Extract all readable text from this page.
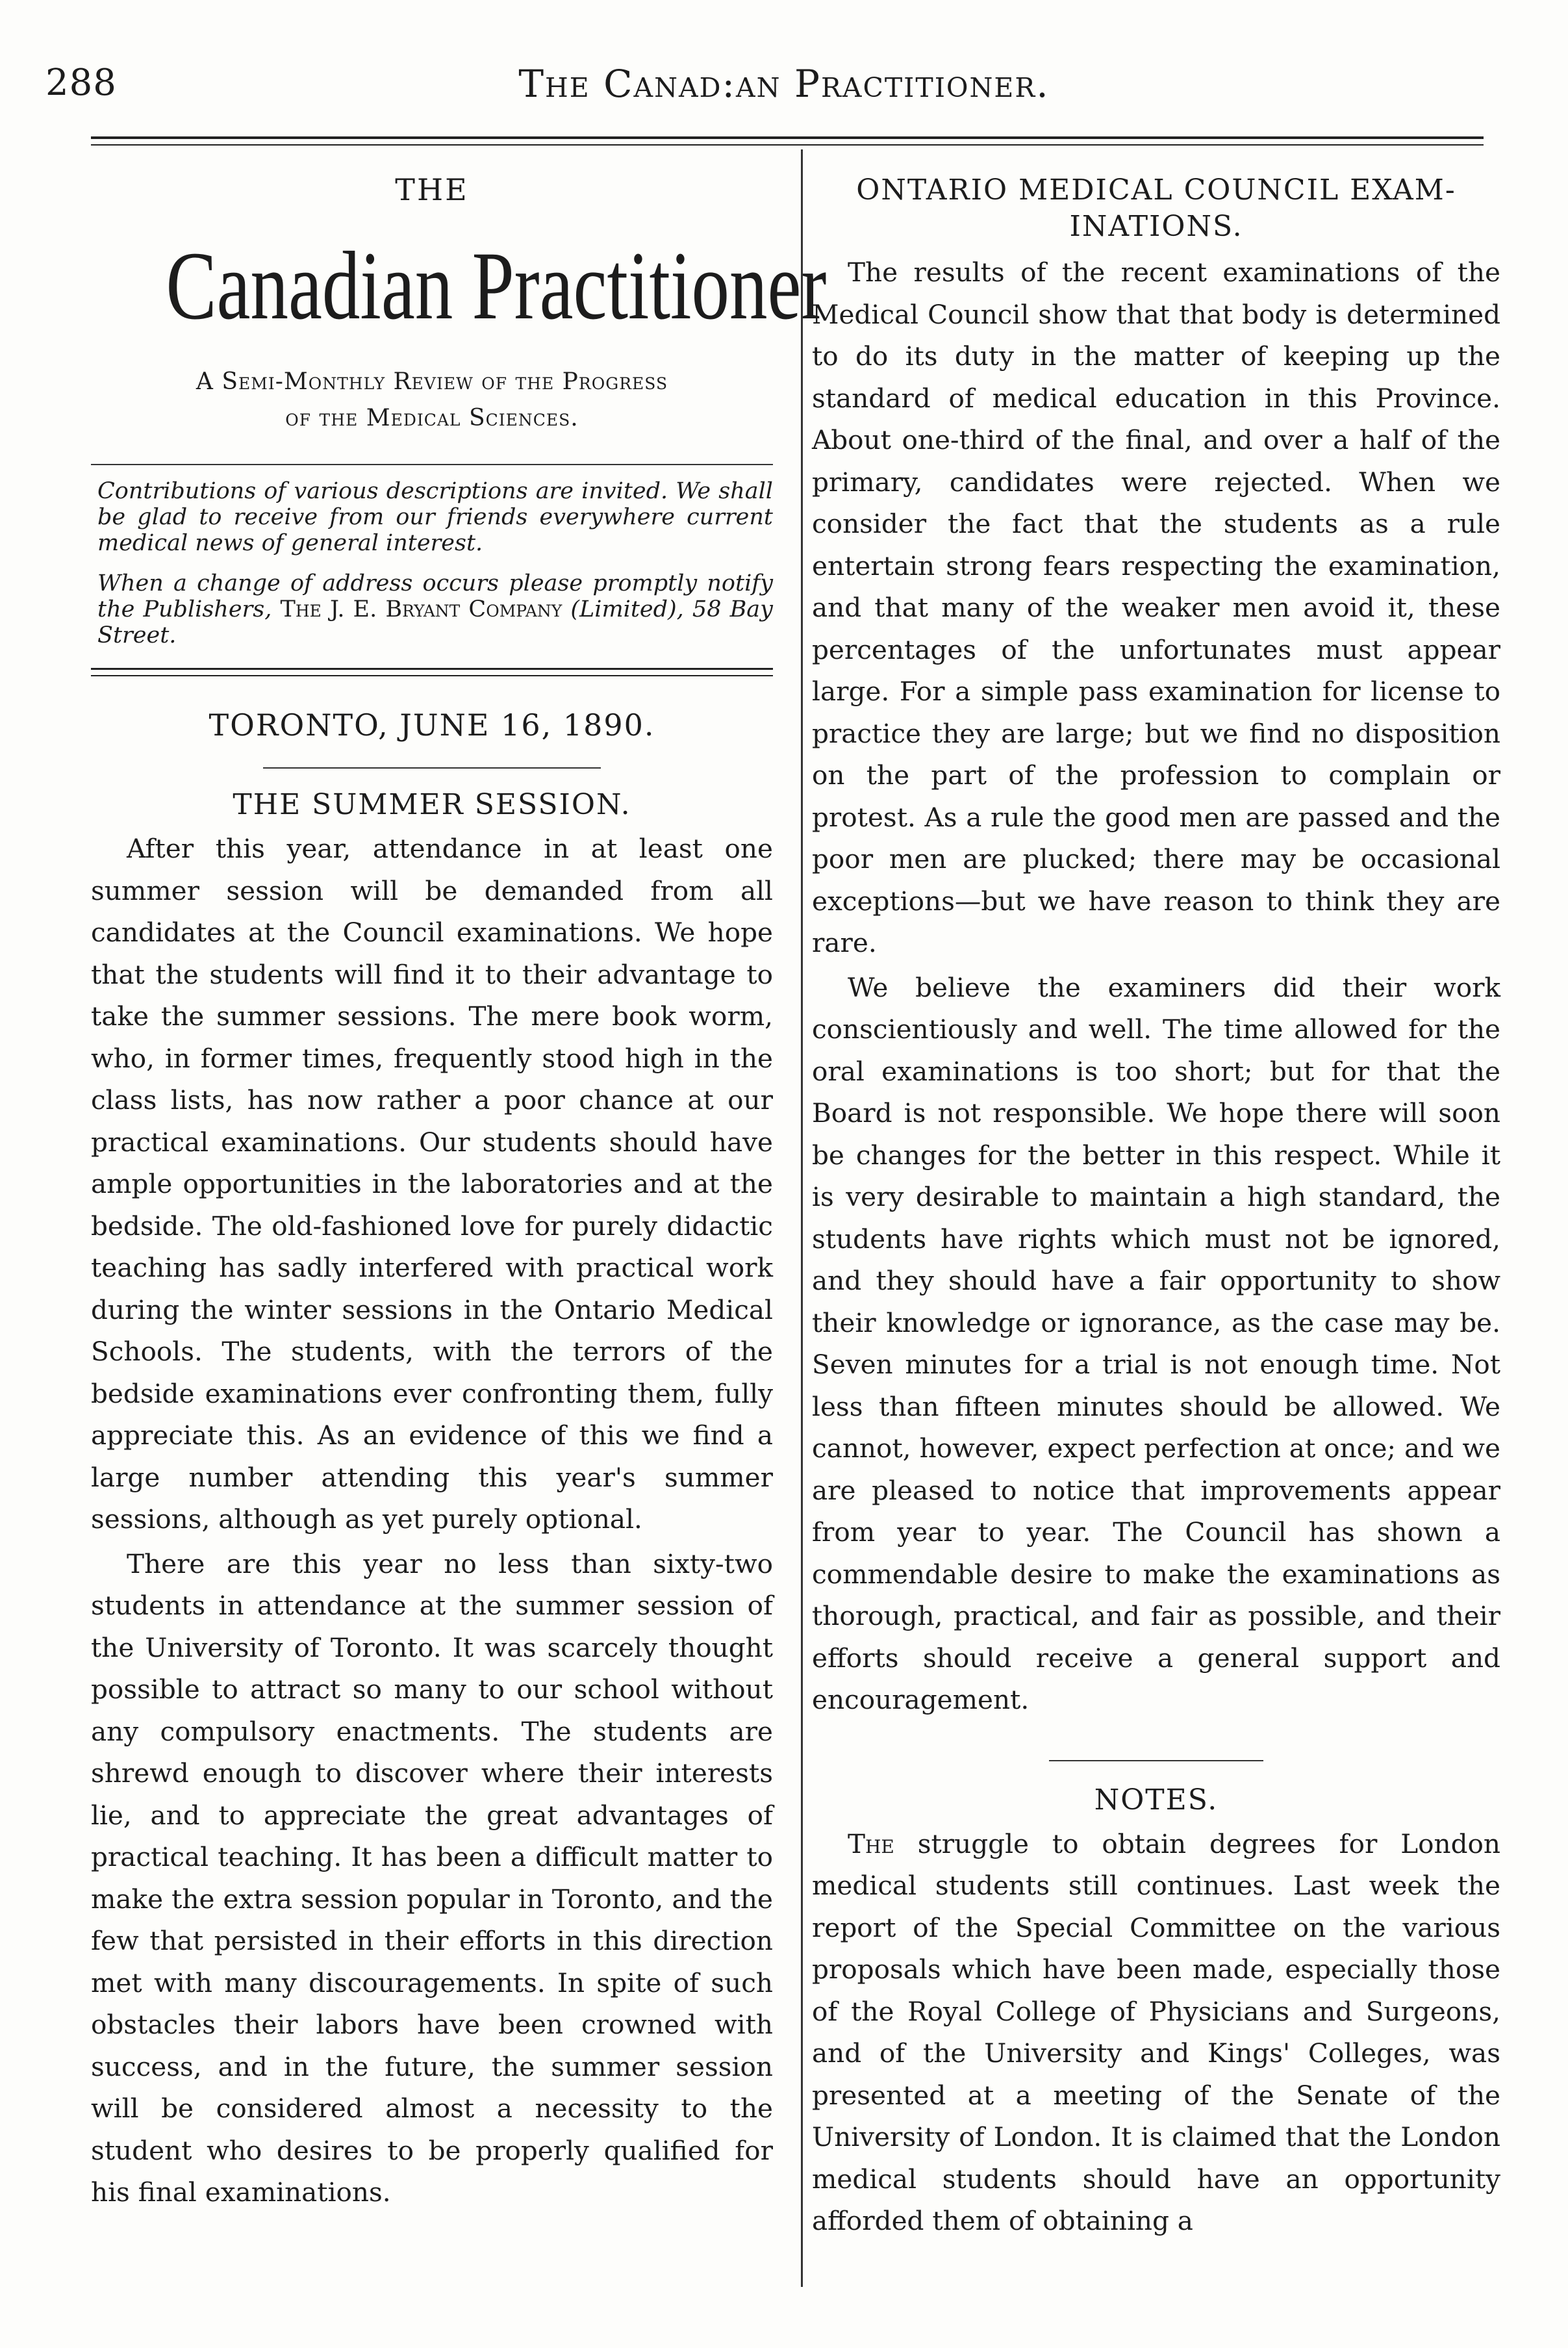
288	The Canad:an Practitioner.
THE
Canadian Practitioner
A Semi-Monthly Review of the Progress
of the Medical Sciences.

Contributions of various descriptions are invited. We shall be glad to receive from our friends everywhere current medical news of general interest.

When a change of address occurs please promptly notify the Publishers, The J. E. Bryant Company (Limited), 58 Bay Street.

TORONTO, JUNE 16, 1890.
THE SUMMER SESSION.

After this year, attendance in at least one summer session will be demanded from all candidates at the Council examinations. We hope that the students will find it to their advantage to take the summer sessions. The mere book worm, who, in former times, frequently stood high in the class lists, has now rather a poor chance at our practical examinations. Our students should have ample opportunities in the laboratories and at the bedside. The old-fashioned love for purely didactic teaching has sadly interfered with practical work during the winter sessions in the Ontario Medical Schools. The students, with the terrors of the bedside examinations ever confronting them, fully appreciate this. As an evidence of this we find a large number attending this year's summer sessions, although as yet purely optional.

There are this year no less than sixty-two students in attendance at the summer session of the University of Toronto. It was scarcely thought possible to attract so many to our school without any compulsory enactments. The students are shrewd enough to discover where their interests lie, and to appreciate the great advantages of practical teaching. It has been a difficult matter to make the extra session popular in Toronto, and the few that persisted in their efforts in this direction met with many discouragements. In spite of such obstacles their labors have been crowned with success, and in the future, the summer session will be considered almost a necessity to the student who desires to be properly qualified for his final examinations.

ONTARIO MEDICAL COUNCIL EXAM-
INATIONS.

The results of the recent examinations of the Medical Council show that that body is determined to do its duty in the matter of keeping up the standard of medical education in this Province. About one-third of the final, and over a half of the primary, candidates were rejected. When we consider the fact that the students as a rule entertain strong fears respecting the examination, and that many of the weaker men avoid it, these percentages of the unfortunates must appear large. For a simple pass examination for license to practice they are large; but we find no disposition on the part of the profession to complain or protest. As a rule the good men are passed and the poor men are plucked; there may be occasional exceptions—but we have reason to think they are rare.

We believe the examiners did their work conscientiously and well. The time allowed for the oral examinations is too short; but for that the Board is not responsible. We hope there will soon be changes for the better in this respect. While it is very desirable to maintain a high standard, the students have rights which must not be ignored, and they should have a fair opportunity to show their knowledge or ignorance, as the case may be. Seven minutes for a trial is not enough time. Not less than fifteen minutes should be allowed. We cannot, however, expect perfection at once; and we are pleased to notice that improvements appear from year to year. The Council has shown a commendable desire to make the examinations as thorough, practical, and fair as possible, and their efforts should receive a general support and encouragement.

NOTES.

The struggle to obtain degrees for London medical students still continues. Last week the report of the Special Committee on the various proposals which have been made, especially those of the Royal College of Physicians and Surgeons, and of the University and Kings' Colleges, was presented at a meeting of the Senate of the University of London. It is claimed that the London medical students should have an opportunity afforded them of obtaining a
